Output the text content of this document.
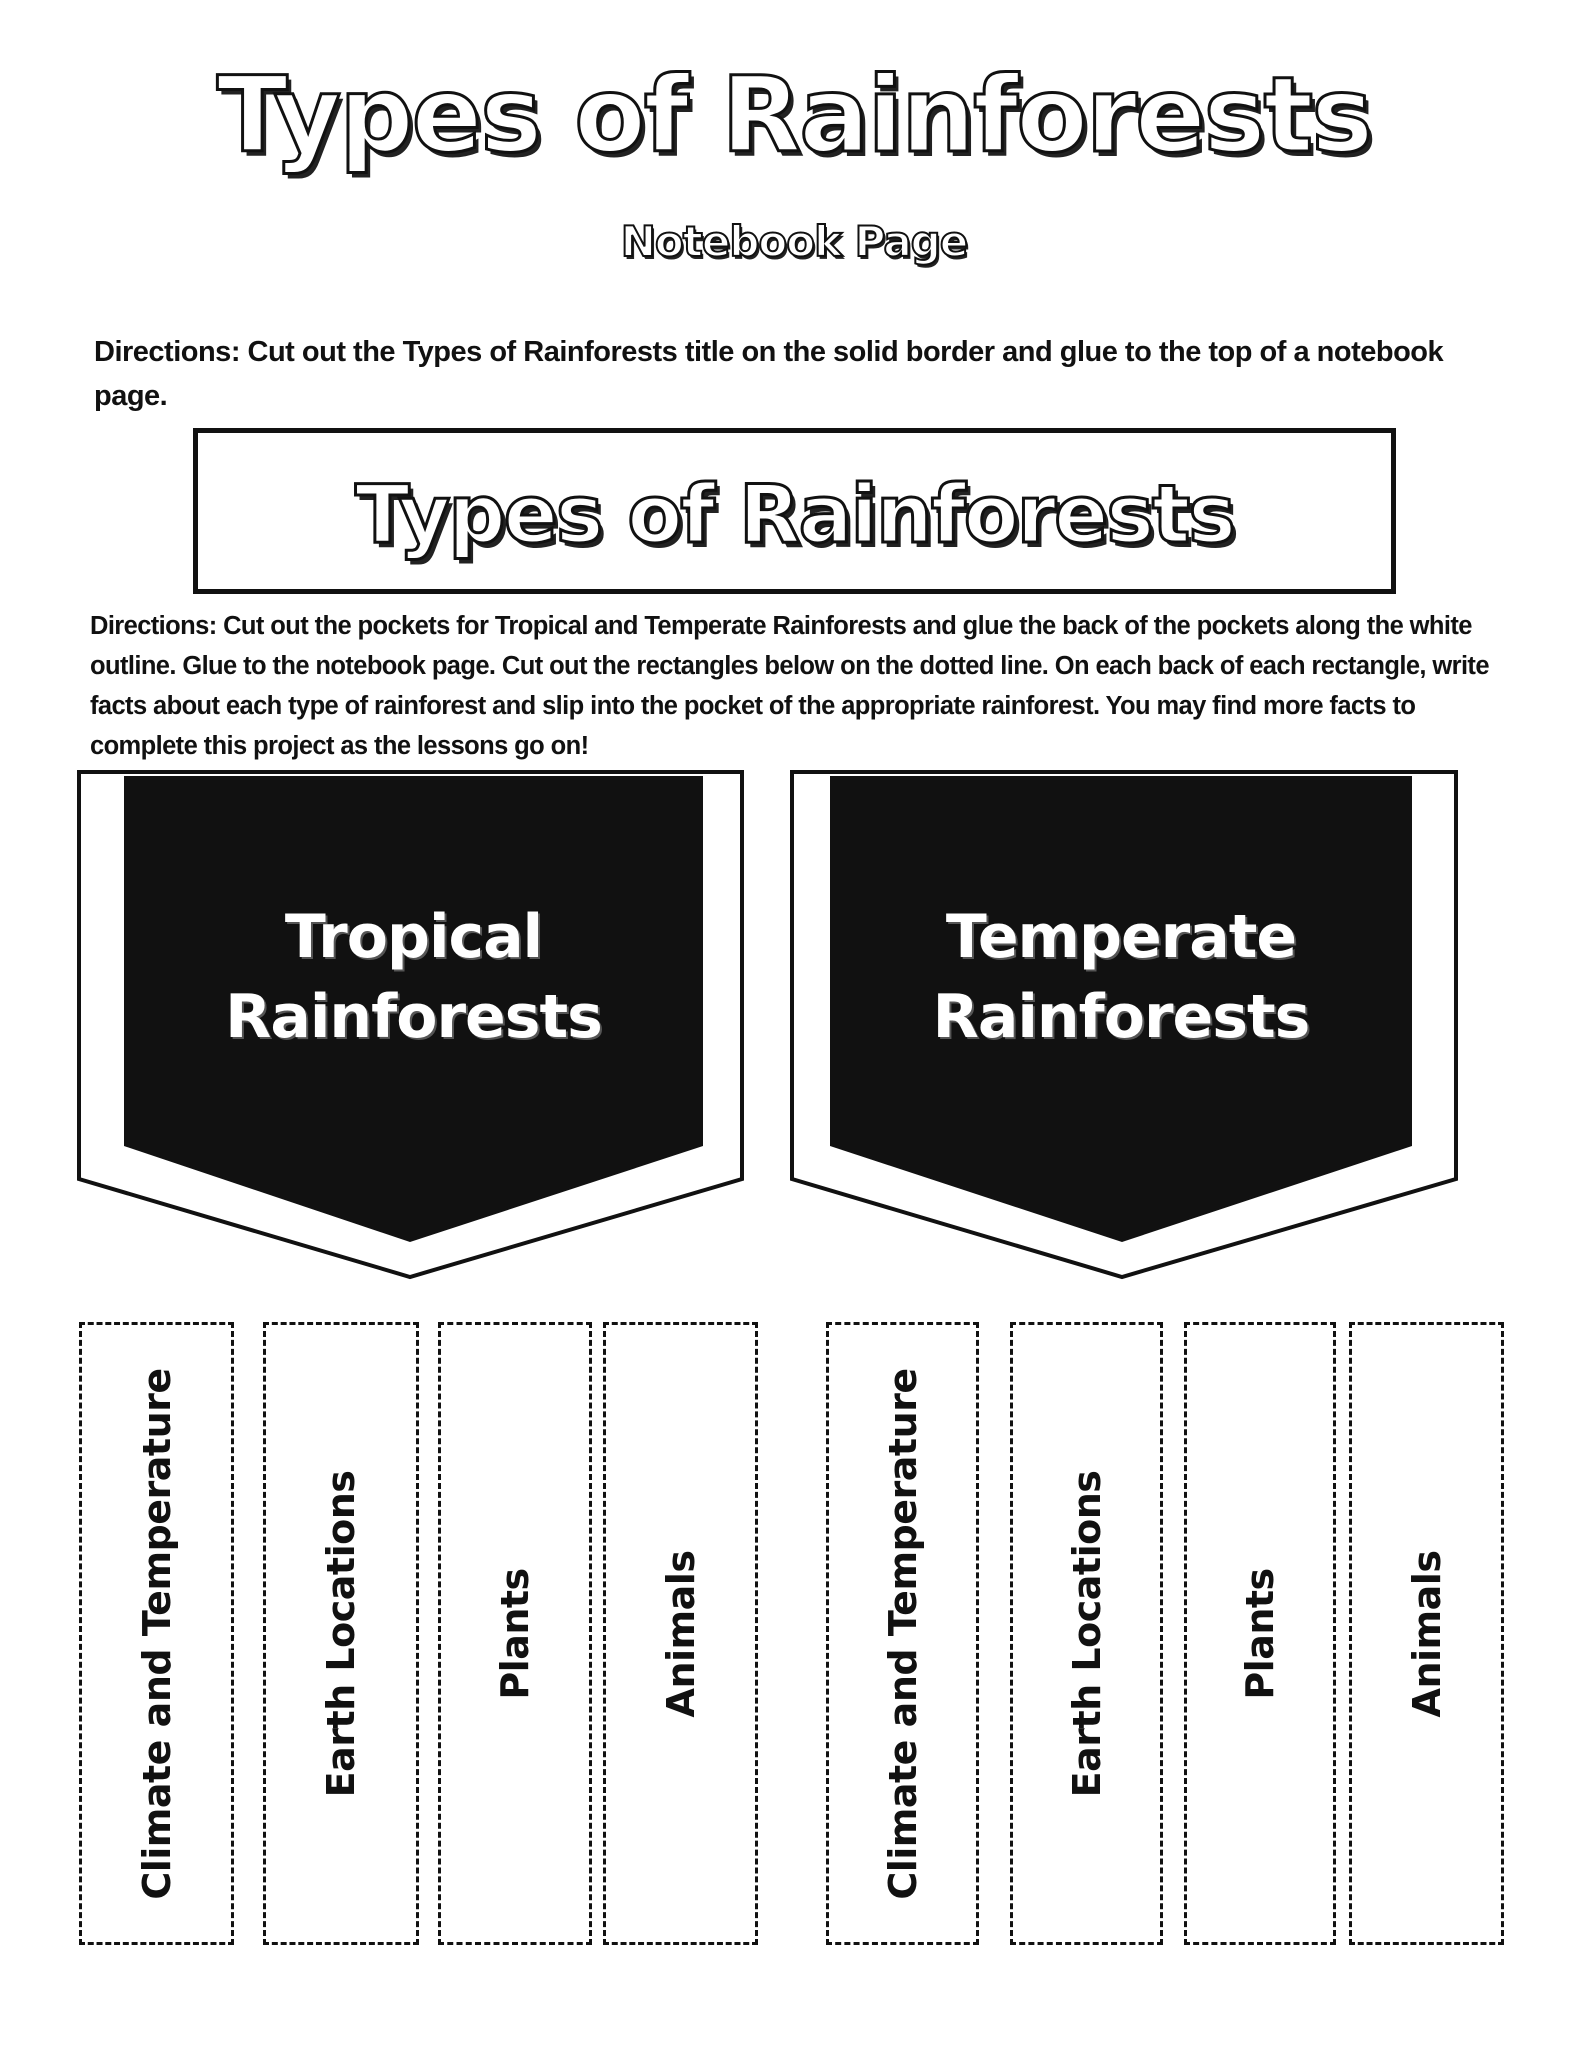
Types of Rainforests
Notebook Page
Directions: Cut out the Types of Rainforests title on the solid border and glue to the top of a notebook page.
Types of Rainforests
Directions: Cut out the pockets for Tropical and Temperate Rainforests and glue the back of the pockets along the white outline. Glue to the notebook page. Cut out the rectangles below on the dotted line. On each back of each rectangle, write facts about each type of rainforest and slip into the pocket of the appropriate rainforest. You may find more facts to complete this project as the lessons go on!
Tropical
Rainforests
Temperate
Rainforests
Climate and Temperature	Earth Locations	Plants	Animals	Climate and Temperature	Earth Locations	Plants	Animals
